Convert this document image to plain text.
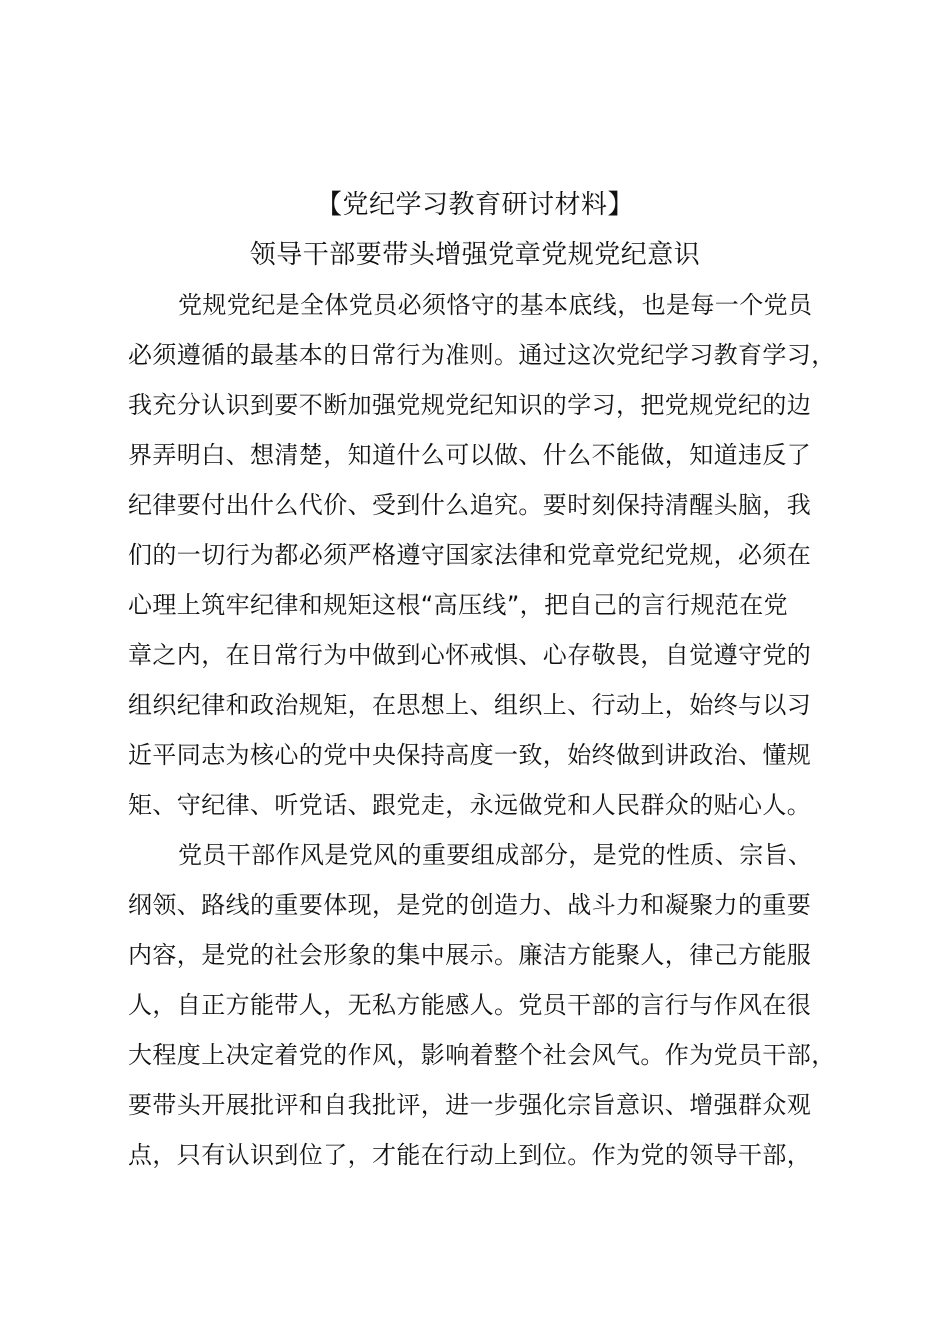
【党纪学习教育研讨材料】
领导干部要带头增强党章党规党纪意识

党规党纪是全体党员必须恪守的基本底线，也是每一个党员
必须遵循的最基本的日常行为准则。通过这次党纪学习教育学习，
我充分认识到要不断加强党规党纪知识的学习，把党规党纪的边
界弄明白、想清楚，知道什么可以做、什么不能做，知道违反了
纪律要付出什么代价、受到什么追究。要时刻保持清醒头脑，我
们的一切行为都必须严格遵守国家法律和党章党纪党规，必须在
心理上筑牢纪律和规矩这根“高压线”，把自己的言行规范在党
章之内，在日常行为中做到心怀戒惧、心存敬畏，自觉遵守党的
组织纪律和政治规矩，在思想上、组织上、行动上，始终与以习
近平同志为核心的党中央保持高度一致，始终做到讲政治、懂规
矩、守纪律、听党话、跟党走，永远做党和人民群众的贴心人。

党员干部作风是党风的重要组成部分，是党的性质、宗旨、
纲领、路线的重要体现，是党的创造力、战斗力和凝聚力的重要
内容，是党的社会形象的集中展示。廉洁方能聚人，律己方能服
人，自正方能带人，无私方能感人。党员干部的言行与作风在很
大程度上决定着党的作风，影响着整个社会风气。作为党员干部，
要带头开展批评和自我批评，进一步强化宗旨意识、增强群众观
点，只有认识到位了，才能在行动上到位。作为党的领导干部，
